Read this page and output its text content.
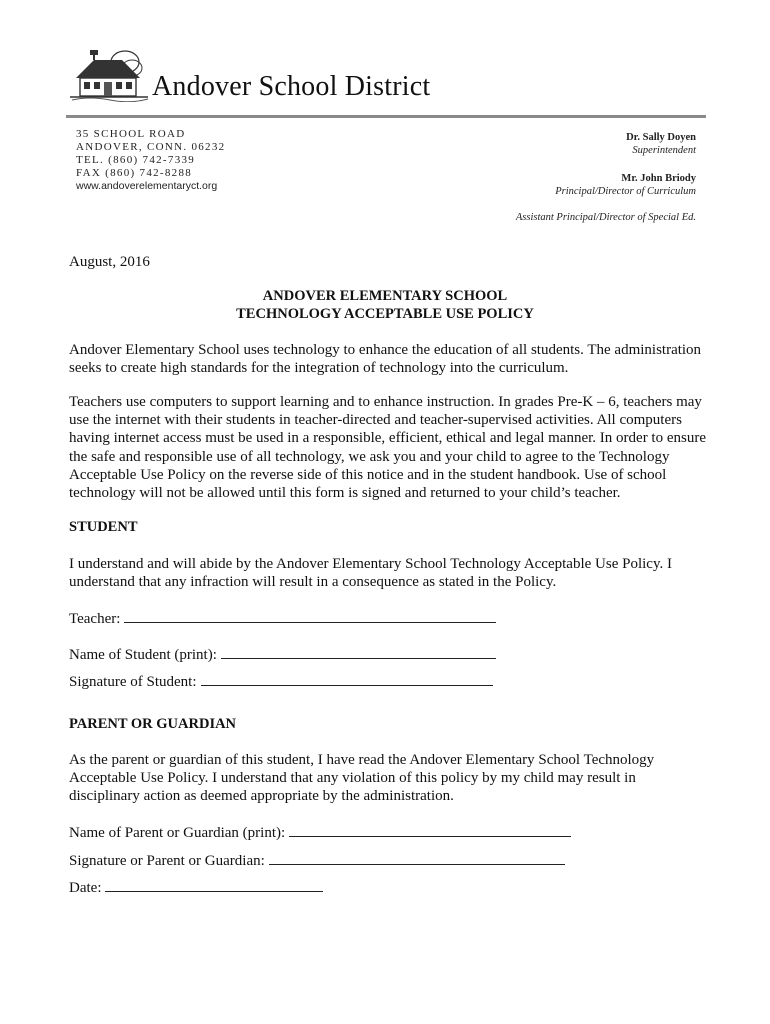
Andover School District
35 SCHOOL ROAD
ANDOVER, CONN. 06232
TEL. (860) 742-7339
FAX (860) 742-8288
www.andoverelementaryct.org
Dr. Sally Doyen
Superintendent
Mr. John Briody
Principal/Director of Curriculum
Assistant Principal/Director of Special Ed.
August, 2016
ANDOVER ELEMENTARY SCHOOL
TECHNOLOGY ACCEPTABLE USE POLICY
Andover Elementary School uses technology to enhance the education of all students. The administration seeks to create high standards for the integration of technology into the curriculum.
Teachers use computers to support learning and to enhance instruction. In grades Pre-K – 6, teachers may use the internet with their students in teacher-directed and teacher-supervised activities. All computers having internet access must be used in a responsible, efficient, ethical and legal manner. In order to ensure the safe and responsible use of all technology, we ask you and your child to agree to the Technology Acceptable Use Policy on the reverse side of this notice and in the student handbook. Use of school technology will not be allowed until this form is signed and returned to your child’s teacher.
STUDENT
I understand and will abide by the Andover Elementary School Technology Acceptable Use Policy. I understand that any infraction will result in a consequence as stated in the Policy.
Teacher:
Name of Student (print):
Signature of Student:
PARENT OR GUARDIAN
As the parent or guardian of this student, I have read the Andover Elementary School Technology Acceptable Use Policy. I understand that any violation of this policy by my child may result in disciplinary action as deemed appropriate by the administration.
Name of Parent or Guardian (print):
Signature or Parent or Guardian:
Date:
